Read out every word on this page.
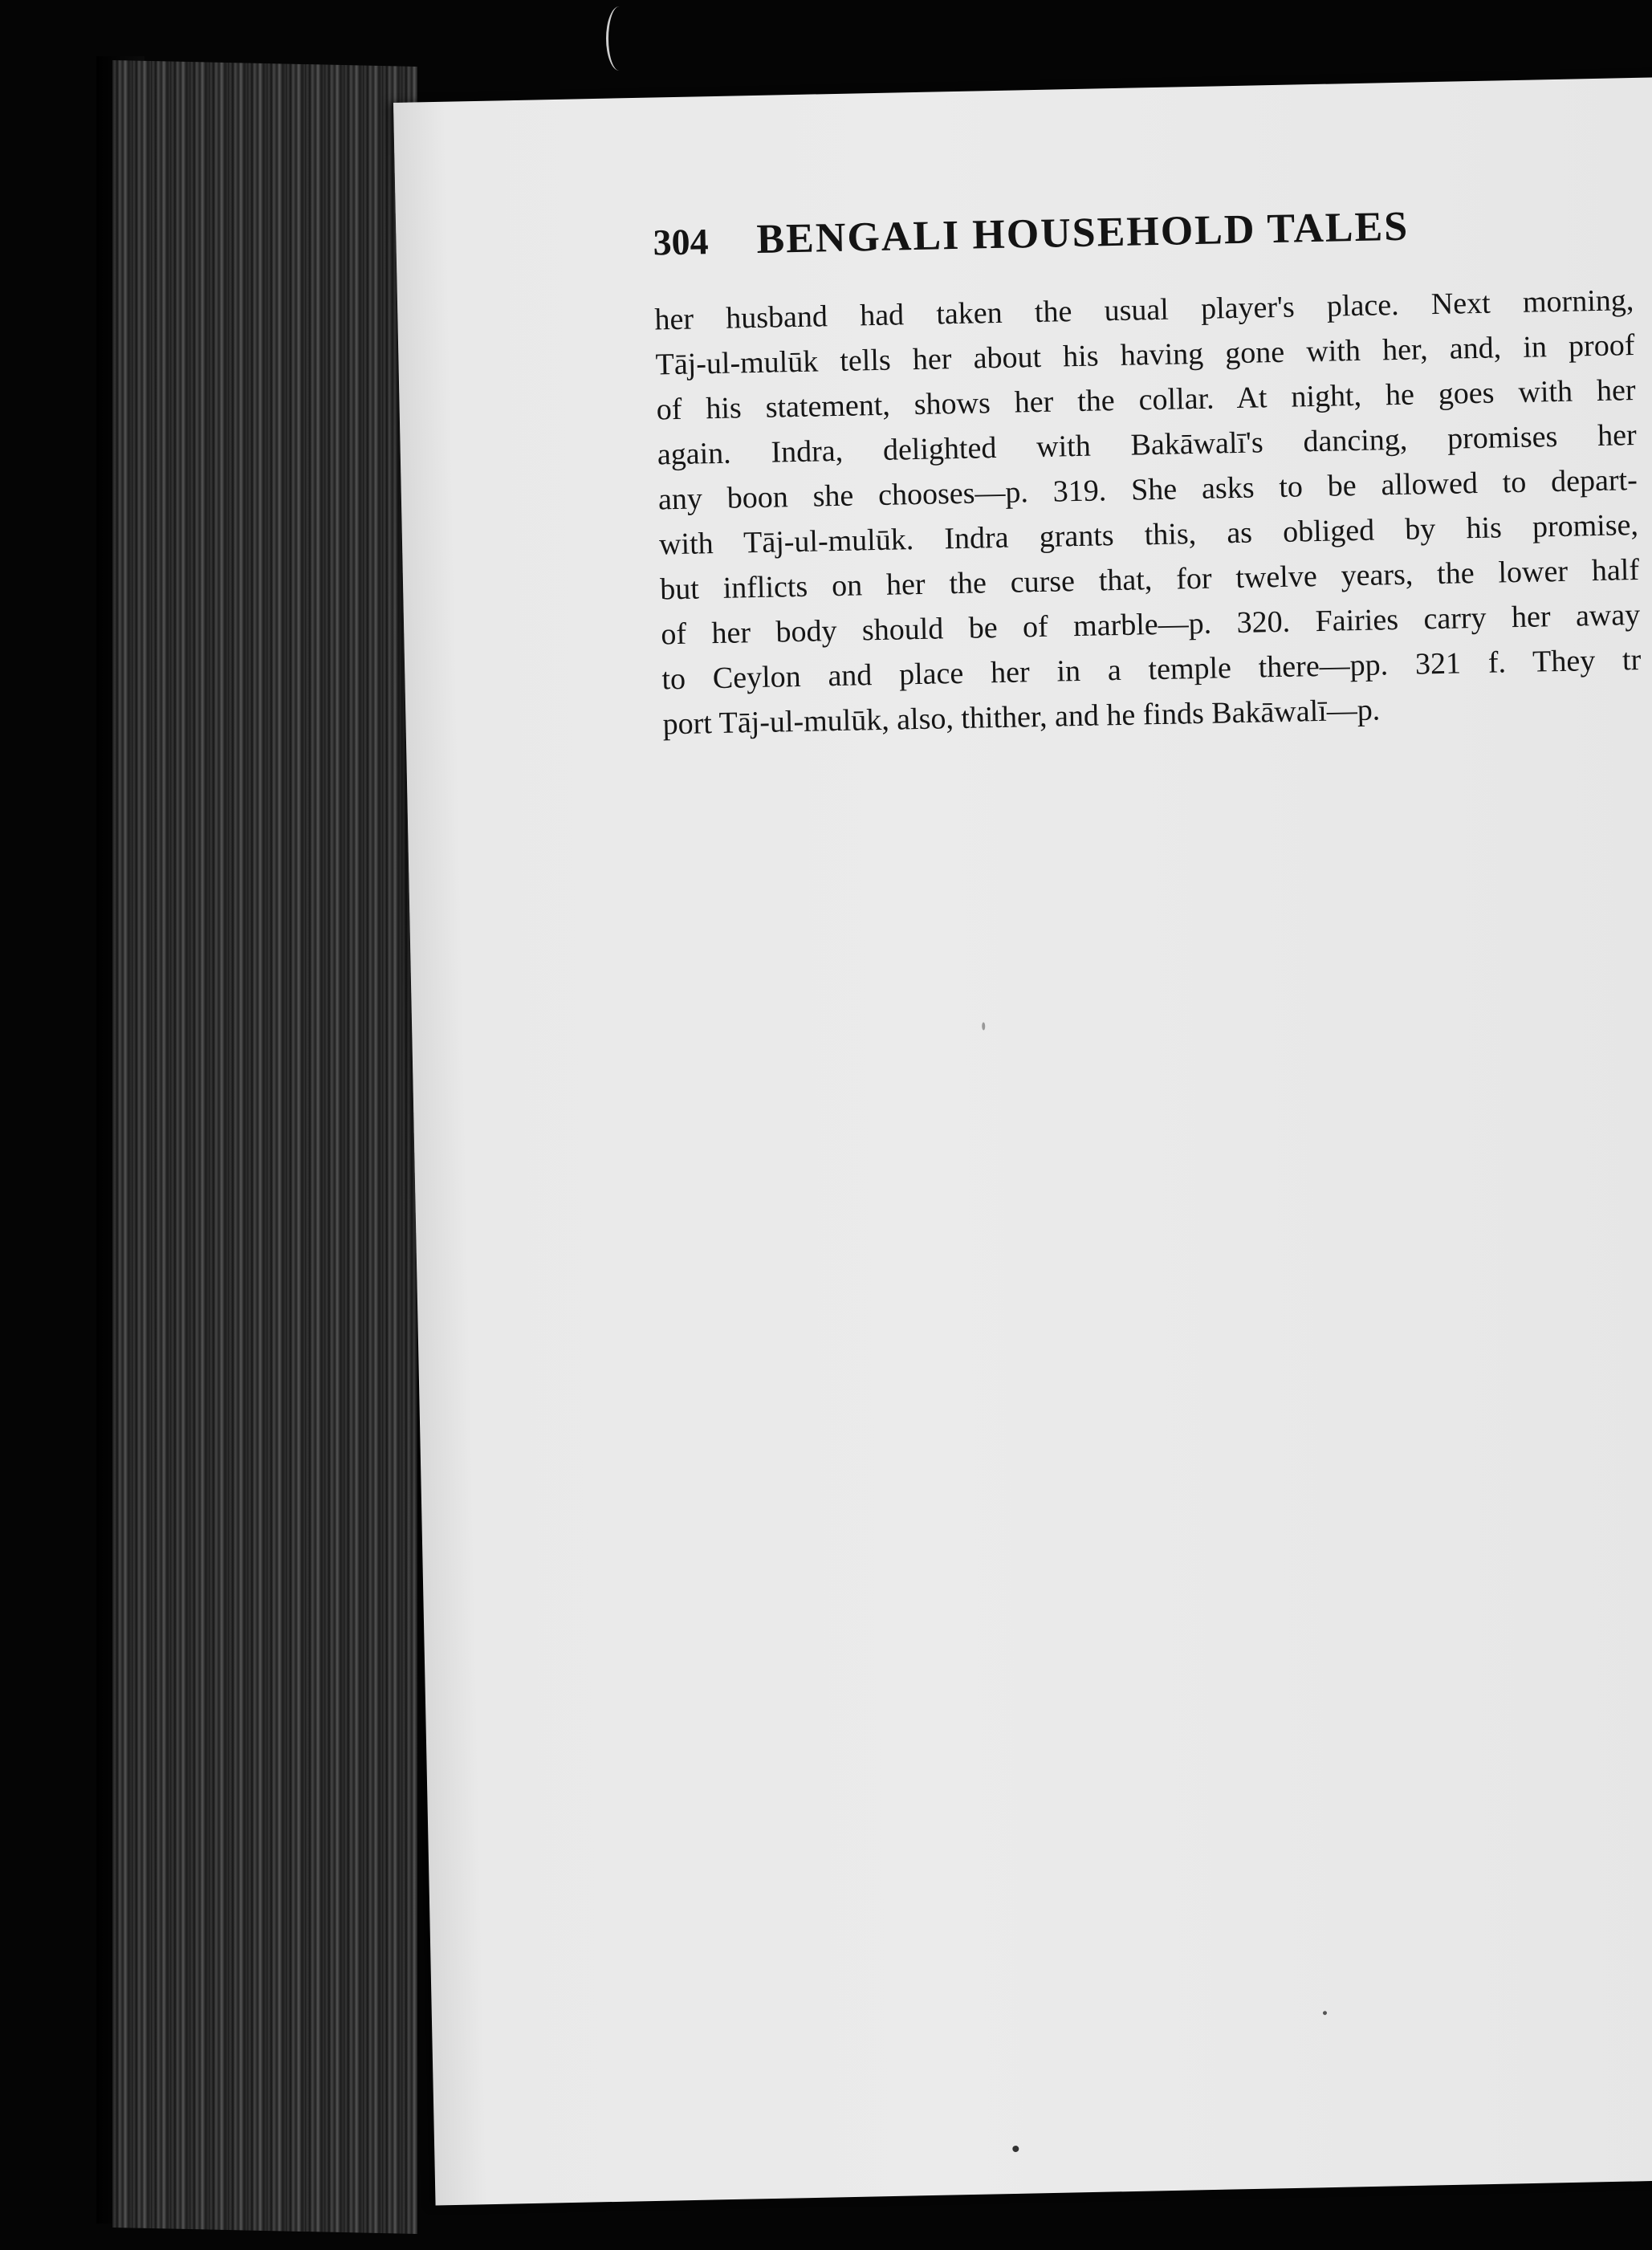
304 BENGALI HOUSEHOLD TALES
her husband had taken the usual player's place. Next morning,
Tāj-ul-mulūk tells her about his having gone with her, and, in proof
of his statement, shows her the collar. At night, he goes with her
again. Indra, delighted with Bakāwalī's dancing, promises her
any boon she chooses—p. 319. She asks to be allowed to depart-
with Tāj-ul-mulūk. Indra grants this, as obliged by his promise,
but inflicts on her the curse that, for twelve years, the lower half
of her body should be of marble—p. 320. Fairies carry her away
to Ceylon and place her in a temple there—pp. 321 f. They tr
port Tāj-ul-mulūk, also, thither, and he finds Bakāwalī—p.
